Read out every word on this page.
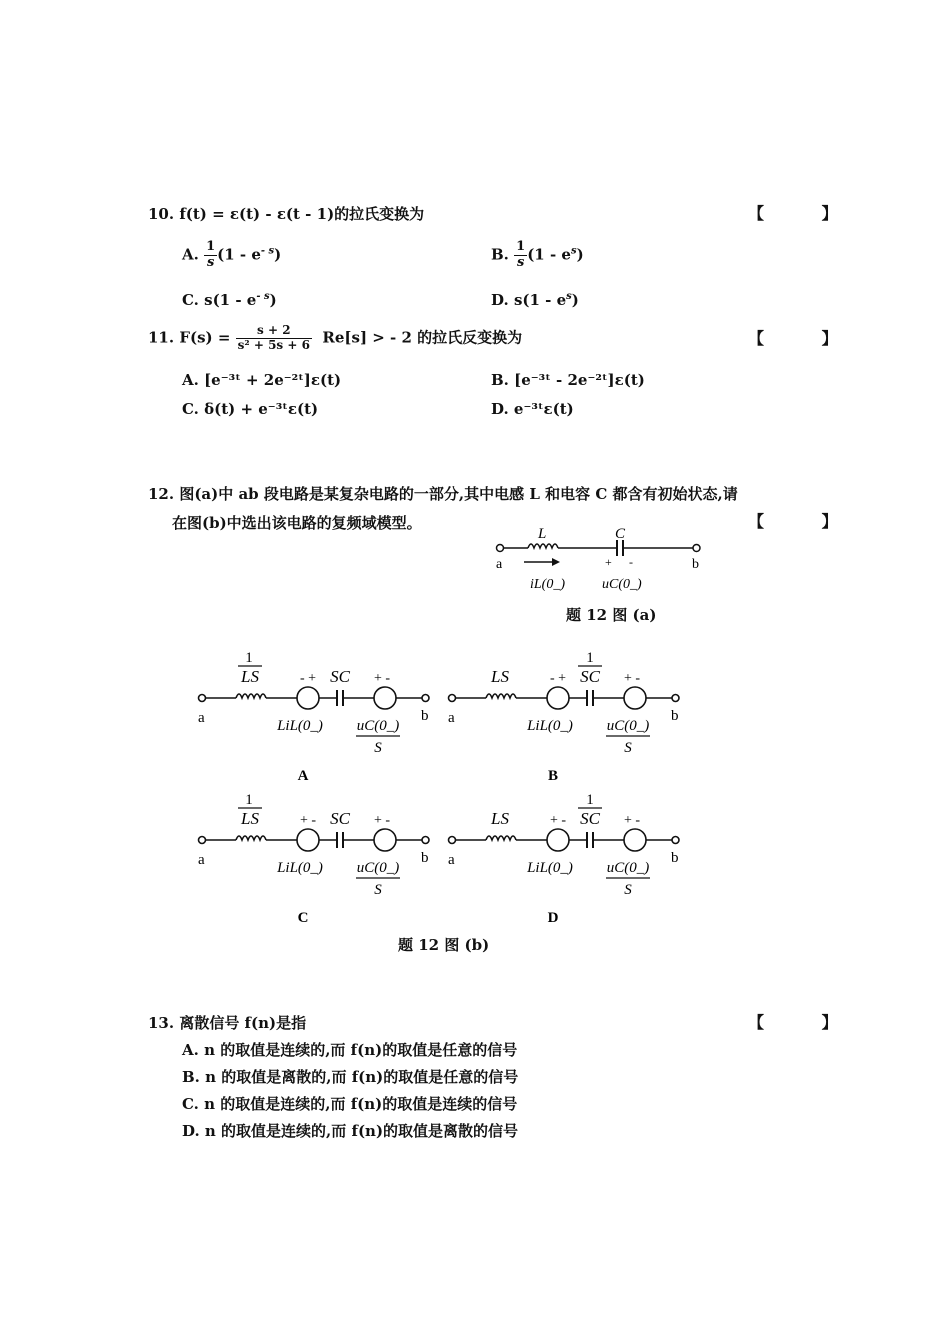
10. f(t) = ε(t) - ε(t - 1)的拉氏变换为	【 】
A. $\frac{1}{s} (1 - e^{- s})$	B. $\frac{1}{s} (1 - e^s)$
C. $s(1 - e^{- s})$	D. $s(1 - e^s)$
11. $F(s) = \frac{s + 2}{\text{s² + 5s + 6}} Re[s]$ > - 2 的拉氏反变换为	【 】
A. [e⁻³ᵗ + 2e⁻²ᵗ]ε(t)	B. [e⁻³ᵗ - 2e⁻²ᵗ]ε(t)
C. δ(t) + e⁻³ᵗε(t)	D. e⁻³ᵗε(t)
12. 图(a)中 ab 段电路是某复杂电路的一部分,其中电感 L 和电容 C 都含有初始状态,请
在图(b)中选出该电路的复频域模型。	【 】
L	C
a	b
+ -
iL(0_)	uC(0_)
题 12 图 (a)
1
LS	SC
- +	+ -
a	b
LiL(0_) uC(0_)
S
A
LS
1
SC
- +	+ -
a	b
LiL(0_) uC(0_)
S
B
1
LS	SC
+ -	+ -
a	b
LiL(0_) uC(0_)
S
C
LS
1
SC
+ -	+ -
a	b
LiL(0_) uC(0_)
S
D
题 12 图 (b)
13. 离散信号 f(n)是指	【 】
A. n 的取值是连续的,而 f(n)的取值是任意的信号
B. n 的取值是离散的,而 f(n)的取值是任意的信号
C. n 的取值是连续的,而 f(n)的取值是连续的信号
D. n 的取值是连续的,而 f(n)的取值是离散的信号
